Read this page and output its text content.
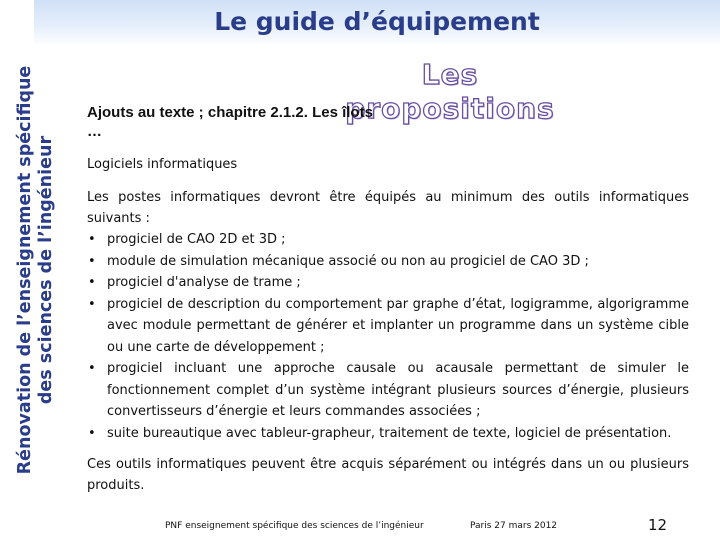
Rénovation de l’enseignement spécifique des sciences de l’ingénieur
Le guide d’équipement
Les propositions
Ajouts au texte ; chapitre 2.1.2. Les îlots
…
Logiciels informatiques
Les postes informatiques devront être équipés au minimum des outils informatiques suivants :
• progiciel de CAO 2D et 3D ;
• module de simulation mécanique associé ou non au progiciel de CAO 3D ;
• progiciel d'analyse de trame ;
• progiciel de description du comportement par graphe d’état, logigramme, algorigramme avec module permettant de générer et implanter un programme dans un système cible ou une carte de développement ;
• progiciel incluant une approche causale ou acausale permettant de simuler le fonctionnement complet d’un système intégrant plusieurs sources d’énergie, plusieurs convertisseurs d’énergie et leurs commandes associées ;
• suite bureautique avec tableur-grapheur, traitement de texte, logiciel de présentation.
Ces outils informatiques peuvent être acquis séparément ou intégrés dans un ou plusieurs produits.
PNF enseignement spécifique des sciences de l’ingénieur	Paris 27 mars 2012	12
